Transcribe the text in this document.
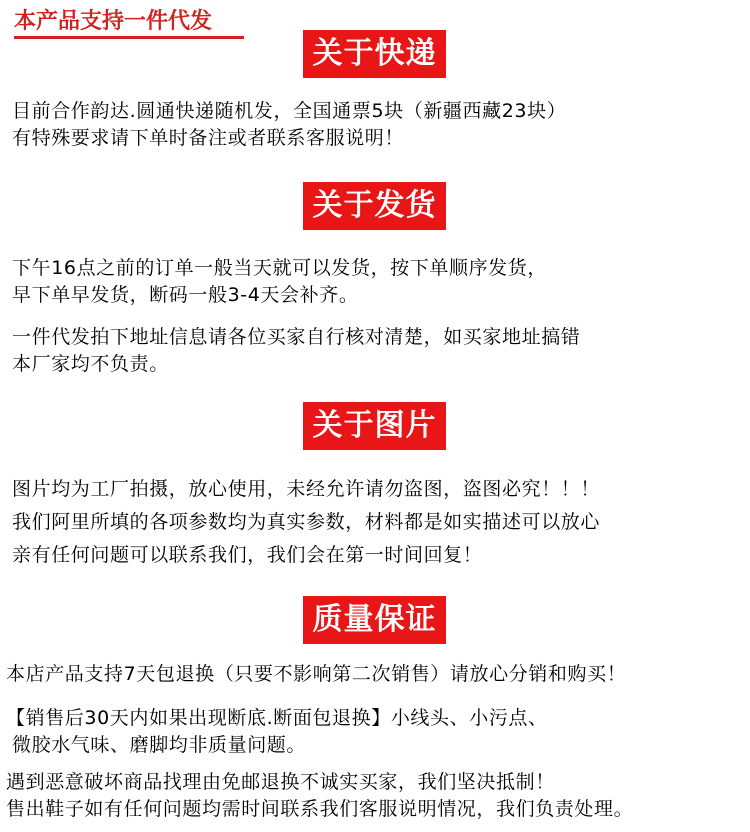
本产品支持一件代发
关于快递
目前合作韵达.圆通快递随机发，全国通票5块（新疆西藏23块）
有特殊要求请下单时备注或者联系客服说明！
关于发货
下午16点之前的订单一般当天就可以发货，按下单顺序发货，
早下单早发货，断码一般3-4天会补齐。
一件代发拍下地址信息请各位买家自行核对清楚，如买家地址搞错
本厂家均不负责。
关于图片
图片均为工厂拍摄，放心使用，未经允许请勿盗图，盗图必究！！！
我们阿里所填的各项参数均为真实参数，材料都是如实描述可以放心
亲有任何问题可以联系我们，我们会在第一时间回复！
质量保证
本店产品支持7天包退换（只要不影响第二次销售）请放心分销和购买！
【销售后30天内如果出现断底.断面包退换】小线头、小污点、
微胶水气味、磨脚均非质量问题。
遇到恶意破坏商品找理由免邮退换不诚实买家，我们坚决抵制！
售出鞋子如有任何问题均需时间联系我们客服说明情况，我们负责处理。
